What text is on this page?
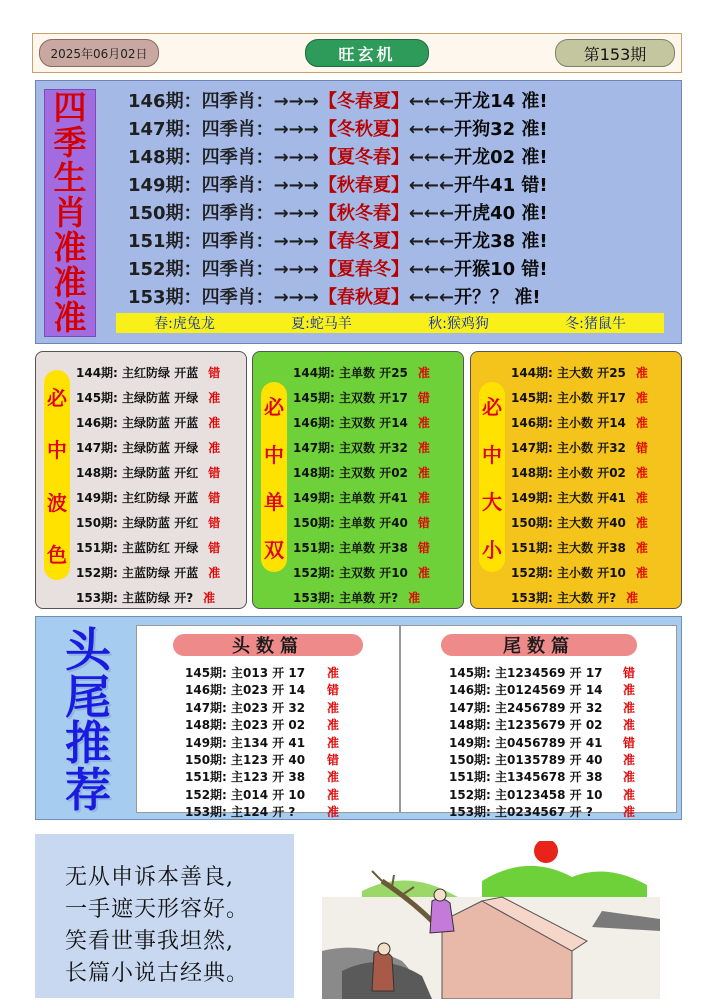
2025年06月02日	旺玄机	第153期
四
季
生
肖
准
准
准
146期：四季肖：→→→【冬春夏】←←←开龙14 准!
147期：四季肖：→→→【冬秋夏】←←←开狗32 准!
148期：四季肖：→→→【夏冬春】←←←开龙02 准!
149期：四季肖：→→→【秋春夏】←←←开牛41 错!
150期：四季肖：→→→【秋冬春】←←←开虎40 准!
151期：四季肖：→→→【春冬夏】←←←开龙38 准!
152期：四季肖：→→→【夏春冬】←←←开猴10 错!
153期：四季肖：→→→【春秋夏】←←←开？？ 准!
春:虎兔龙	夏:蛇马羊	秋:猴鸡狗	冬:猪鼠牛
必
中
波
色
144期: 主红防绿 开蓝 错
145期: 主绿防蓝 开绿 准
146期: 主绿防蓝 开蓝 准
147期: 主绿防蓝 开绿 准
148期: 主绿防蓝 开红 错
149期: 主红防绿 开蓝 错
150期: 主绿防蓝 开红 错
151期: 主蓝防红 开绿 错
152期: 主蓝防绿 开蓝 准
153期: 主蓝防绿 开? 准
必
中
单
双
144期: 主单数 开25 准
145期: 主双数 开17 错
146期: 主双数 开14 准
147期: 主双数 开32 准
148期: 主双数 开02 准
149期: 主单数 开41 准
150期: 主单数 开40 错
151期: 主单数 开38 错
152期: 主双数 开10 准
153期: 主单数 开? 准
必
中
大
小
144期: 主大数 开25 准
145期: 主小数 开17 准
146期: 主小数 开14 准
147期: 主小数 开32 错
148期: 主小数 开02 准
149期: 主大数 开41 准
150期: 主大数 开40 准
151期: 主大数 开38 准
152期: 主小数 开10 准
153期: 主大数 开? 准
头
尾
推
荐
头数篇
145期: 主013 开 17 准
146期: 主023 开 14 错
147期: 主023 开 32 准
148期: 主023 开 02 准
149期: 主134 开 41 准
150期: 主123 开 40 错
151期: 主123 开 38 准
152期: 主014 开 10 准
153期: 主124 开 ?	准
尾数篇
145期: 主1234569 开 17 错
146期: 主0124569 开 14 准
147期: 主2456789 开 32 准
148期: 主1235679 开 02 准
149期: 主0456789 开 41 错
150期: 主0135789 开 40 准
151期: 主1345678 开 38 准
152期: 主0123458 开 10 准
153期: 主0234567 开 ?	准
无从申诉本善良,
一手遮天形容好。
笑看世事我坦然,
长篇小说古经典。
